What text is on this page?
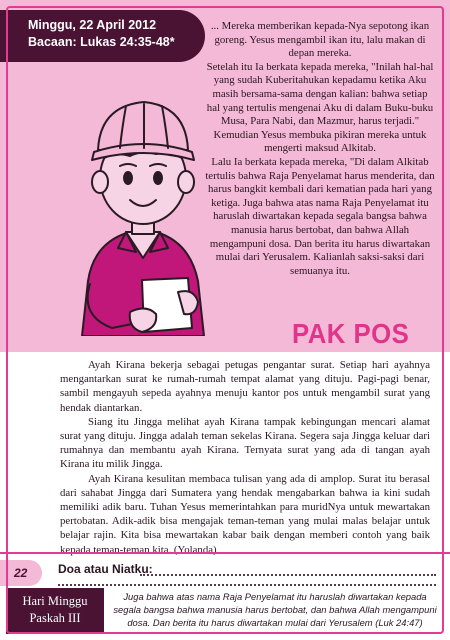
Minggu, 22 April 2012
Bacaan: Lukas 24:35-48*

... Mereka memberikan kepada-Nya sepotong ikan goreng. Yesus mengambil ikan itu, lalu makan di depan mereka.

Setelah itu Ia berkata kepada mereka, "Inilah hal-hal yang sudah Kuberitahukan kepadamu ketika Aku masih bersama-sama dengan kalian: bahwa setiap hal yang tertulis mengenai Aku di dalam Buku-buku Musa, Para Nabi, dan Mazmur, harus terjadi."

Kemudian Yesus membuka pikiran mereka untuk mengerti maksud Alkitab.

Lalu Ia berkata kepada mereka, "Di dalam Alkitab tertulis bahwa Raja Penyelamat harus menderita, dan harus bangkit kembali dari kematian pada hari yang ketiga. Juga bahwa atas nama Raja Penyelamat itu haruslah diwartakan kepada segala bangsa bahwa manusia harus bertobat, dan bahwa Allah mengampuni dosa. Dan berita itu harus diwartakan mulai dari Yerusalem. Kalianlah saksi-saksi dari semuanya itu.

PAK POS

Ayah Kirana bekerja sebagai petugas pengantar surat. Setiap hari ayahnya mengantarkan surat ke rumah-rumah tempat alamat yang dituju. Pagi-pagi benar, sambil mengayuh sepeda ayahnya menuju kantor pos untuk mengambil surat yang hendak diantarkan.

Siang itu Jingga melihat ayah Kirana tampak kebingungan mencari alamat surat yang dituju. Jingga adalah teman sekelas Kirana. Segera saja Jingga keluar dari rumahnya dan membantu ayah Kirana. Ternyata surat yang ada di tangan ayah Kirana itu milik Jingga.

Ayah Kirana kesulitan membaca tulisan yang ada di amplop. Surat itu berasal dari sahabat Jingga dari Sumatera yang hendak mengabarkan bahwa ia kini sudah memiliki adik baru. Tuhan Yesus memerintahkan para muridNya untuk mewartakan pertobatan. Adik-adik bisa mengajak teman-teman yang mulai malas belajar untuk belajar rajin. Kita bisa mewartakan kabar baik dengan memberi contoh yang baik kepada teman-teman kita. (Yolanda)

22	Doa atau Niatku:
Hari Minggu
Paskah III
Juga bahwa atas nama Raja Penyelamat itu haruslah diwartakan kepada segala bangsa bahwa manusia harus bertobat, dan bahwa Allah mengampuni dosa. Dan berita itu harus diwartakan mulai dari Yerusalem (Luk 24:47)
